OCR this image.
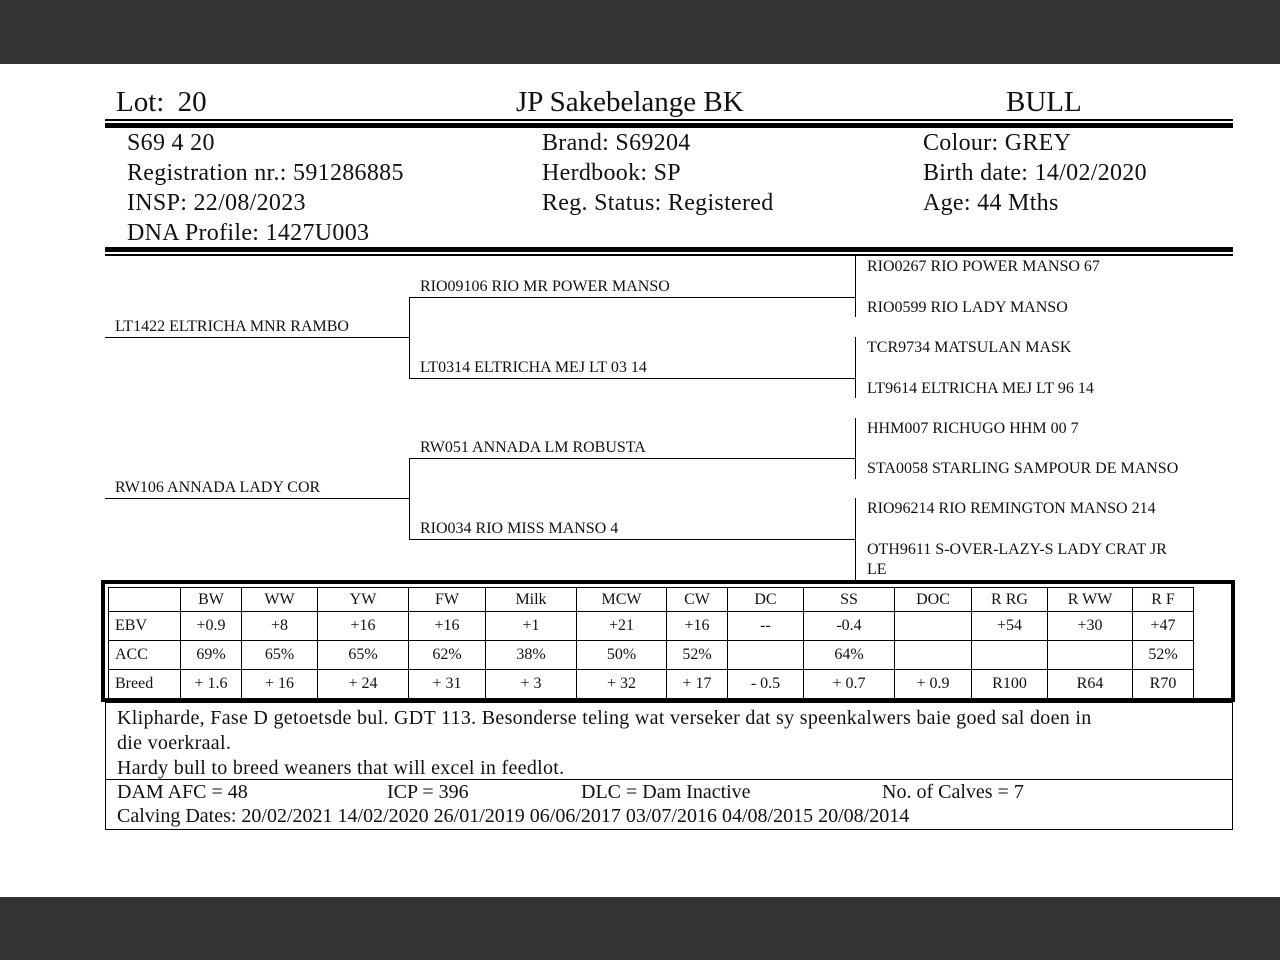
Lot: 20	JP Sakebelange BK	BULL
S69 4 20
Registration nr.: 591286885
INSP: 22/08/2023
DNA Profile: 1427U003
Brand: S69204
Herdbook: SP
Reg. Status: Registered
Colour: GREY
Birth date: 14/02/2020
Age: 44 Mths
LT1422 ELTRICHA MNR RAMBO
RW106 ANNADA LADY COR
RIO09106 RIO MR POWER MANSO
LT0314 ELTRICHA MEJ LT 03 14
RW051 ANNADA LM ROBUSTA
RIO034 RIO MISS MANSO 4
RIO0267 RIO POWER MANSO 67
RIO0599 RIO LADY MANSO
TCR9734 MATSULAN MASK
LT9614 ELTRICHA MEJ LT 96 14
HHM007 RICHUGO HHM 00 7
STA0058 STARLING SAMPOUR DE MANSO
RIO96214 RIO REMINGTON MANSO 214
OTH9611 S-OVER-LAZY-S LADY CRAT JR
LE
	BW	WW	YW	FW	Milk	MCW	CW	DC	SS	DOC	R RG	R WW	R F
EBV	+0.9	+8	+16	+16	+1	+21	+16	--	-0.4		+54	+30	+47
ACC	69%	65%	65%	62%	38%	50%	52%		64%				52%
Breed	+ 1.6	+ 16	+ 24	+ 31	+ 3	+ 32	+ 17	- 0.5	+ 0.7	+ 0.9	R100	R64	R70
Klipharde, Fase D getoetsde bul. GDT 113. Besonderse teling wat verseker dat sy speenkalwers baie goed sal doen in
die voerkraal.
Hardy bull to breed weaners that will excel in feedlot.
DAM AFC = 48	ICP = 396	DLC = Dam Inactive	No. of Calves = 7
Calving Dates: 20/02/2021 14/02/2020 26/01/2019 06/06/2017 03/07/2016 04/08/2015 20/08/2014
